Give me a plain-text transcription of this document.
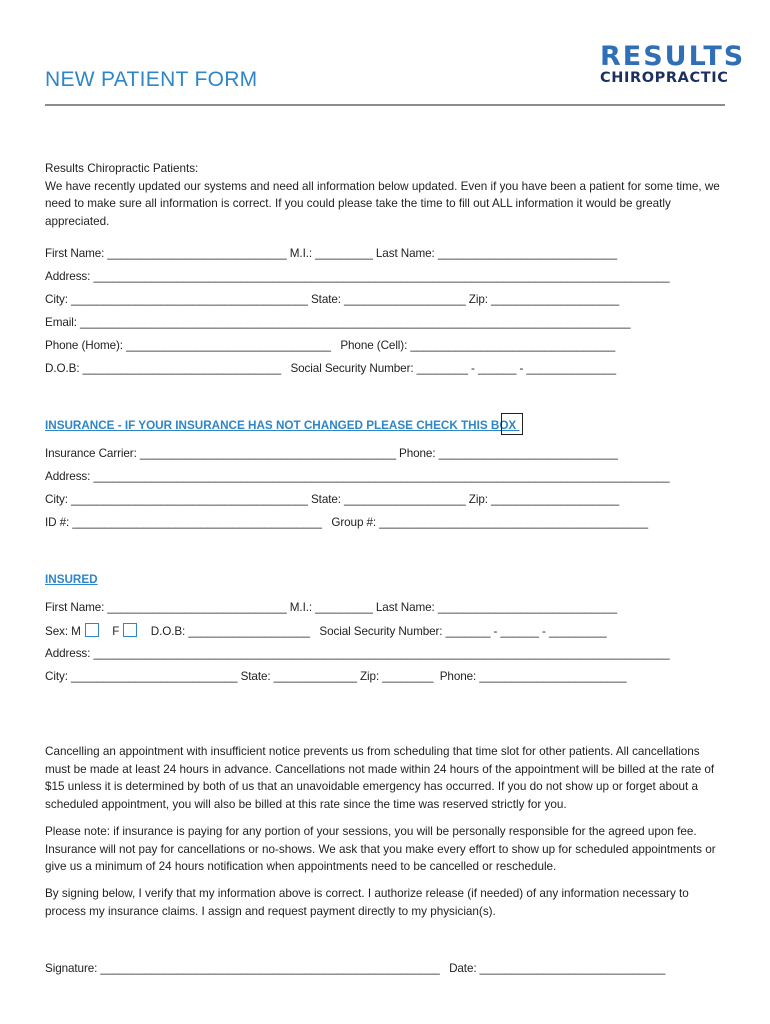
NEW PATIENT FORM
RESULTS
CHIROPRACTIC

Results Chiropractic Patients:

We have recently updated our systems and need all information below updated. Even if you have been a patient for some time, we need to make sure all information is correct. If you could please take the time to fill out ALL information it would be greatly appreciated.

First Name: ____________________________ M.I.: _________ Last Name: ____________________________
Address: __________________________________________________________________________________________
City: _____________________________________ State: ___________________ Zip: ____________________
Email: ______________________________________________________________________________________
Phone (Home): ________________________________   Phone (Cell): ________________________________
D.O.B: _______________________________   Social Security Number: ________ - ______ - ______________
INSURANCE - IF YOUR INSURANCE HAS NOT CHANGED PLEASE CHECK THIS BOX
Insurance Carrier: ________________________________________ Phone: ____________________________
Address: __________________________________________________________________________________________
City: _____________________________________ State: ___________________ Zip: ____________________
ID #: _______________________________________   Group #: __________________________________________
INSURED
First Name: ____________________________ M.I.: _________ Last Name: ____________________________
Sex: M	F	D.O.B: ___________________   Social Security Number: _______ - ______ - _________
Address: __________________________________________________________________________________________
City: __________________________ State: _____________ Zip: ________  Phone: _______________________

Cancelling an appointment with insufficient notice prevents us from scheduling that time slot for other patients. All cancellations must be made at least 24 hours in advance. Cancellations not made within 24 hours of the appointment will be billed at the rate of $15 unless it is determined by both of us that an unavoidable emergency has occurred. If you do not show up or forget about a scheduled appointment, you will also be billed at this rate since the time was reserved strictly for you.

Please note: if insurance is paying for any portion of your sessions, you will be personally responsible for the agreed upon fee. Insurance will not pay for cancellations or no-shows. We ask that you make every effort to show up for scheduled appointments or give us a minimum of 24 hours notification when appointments need to be cancelled or reschedule.

By signing below, I verify that my information above is correct. I authorize release (if needed) of any information necessary to process my insurance claims. I assign and request payment directly to my physician(s).

Signature: _____________________________________________________   Date: _____________________________
